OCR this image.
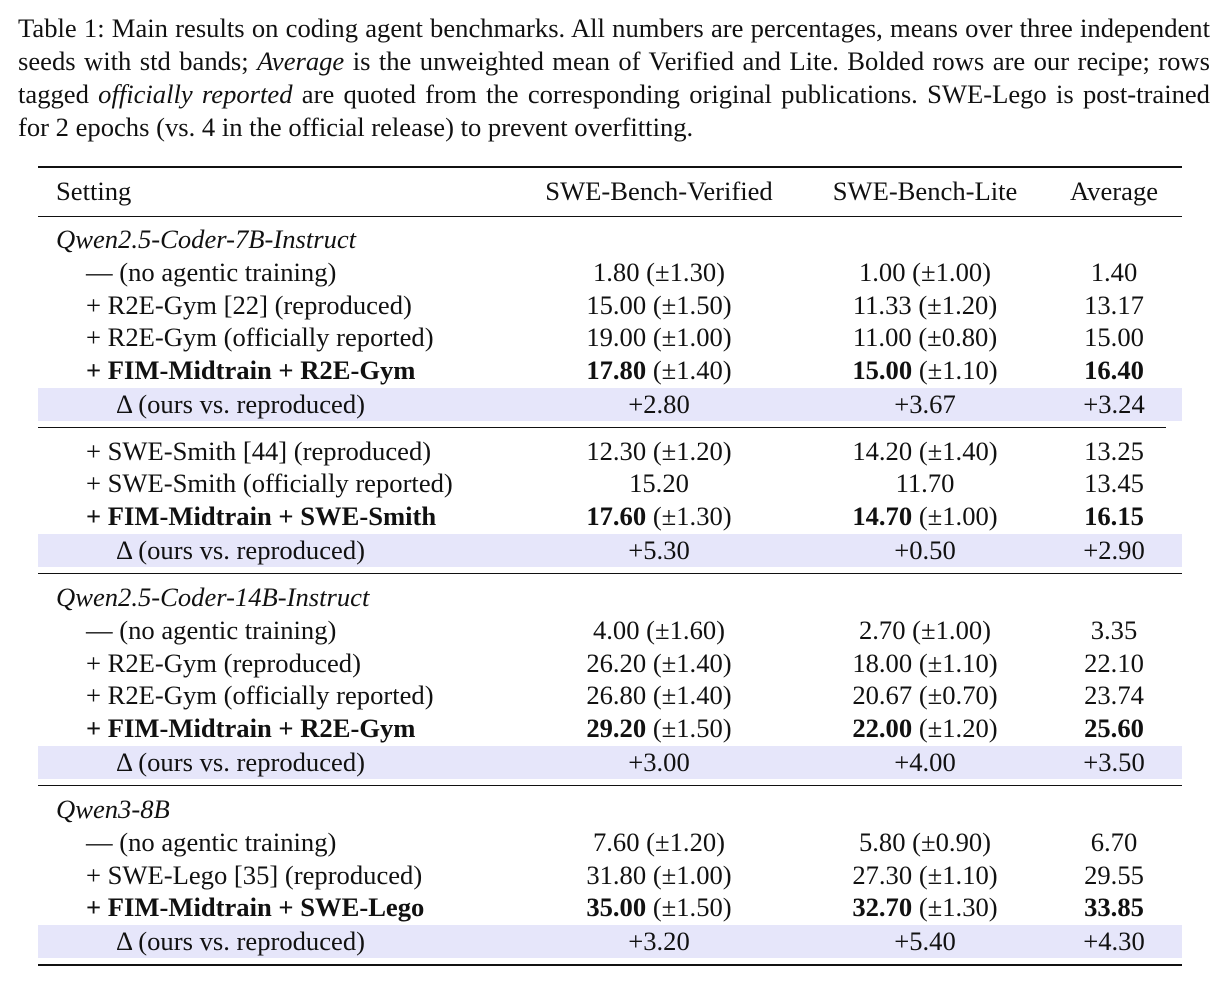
Table 1: Main results on coding agent benchmarks. All numbers are percentages, means over three independent seeds with std bands; Average is the unweighted mean of Verified and Lite. Bolded rows are our recipe; rows tagged officially reported are quoted from the corresponding original publications. SWE-Lego is post-trained for 2 epochs (vs. 4 in the official release) to prevent overfitting.
Setting	SWE-Bench-Verified	SWE-Bench-Lite	Average
Qwen2.5-Coder-7B-Instruct
— (no agentic training)	1.80 (±1.30)	1.00 (±1.00)	1.40
+ R2E-Gym [22] (reproduced)	15.00 (±1.50)	11.33 (±1.20)	13.17
+ R2E-Gym (officially reported)	19.00 (±1.00)	11.00 (±0.80)	15.00
+ FIM-Midtrain + R2E-Gym	17.80 (±1.40)	15.00 (±1.10)	16.40
Δ (ours vs. reproduced)	+2.80	+3.67	+3.24
+ SWE-Smith [44] (reproduced)	12.30 (±1.20)	14.20 (±1.40)	13.25
+ SWE-Smith (officially reported)	15.20	11.70	13.45
+ FIM-Midtrain + SWE-Smith	17.60 (±1.30)	14.70 (±1.00)	16.15
Δ (ours vs. reproduced)	+5.30	+0.50	+2.90
Qwen2.5-Coder-14B-Instruct
— (no agentic training)	4.00 (±1.60)	2.70 (±1.00)	3.35
+ R2E-Gym (reproduced)	26.20 (±1.40)	18.00 (±1.10)	22.10
+ R2E-Gym (officially reported)	26.80 (±1.40)	20.67 (±0.70)	23.74
+ FIM-Midtrain + R2E-Gym	29.20 (±1.50)	22.00 (±1.20)	25.60
Δ (ours vs. reproduced)	+3.00	+4.00	+3.50
Qwen3-8B
— (no agentic training)	7.60 (±1.20)	5.80 (±0.90)	6.70
+ SWE-Lego [35] (reproduced)	31.80 (±1.00)	27.30 (±1.10)	29.55
+ FIM-Midtrain + SWE-Lego	35.00 (±1.50)	32.70 (±1.30)	33.85
Δ (ours vs. reproduced)	+3.20	+5.40	+4.30
